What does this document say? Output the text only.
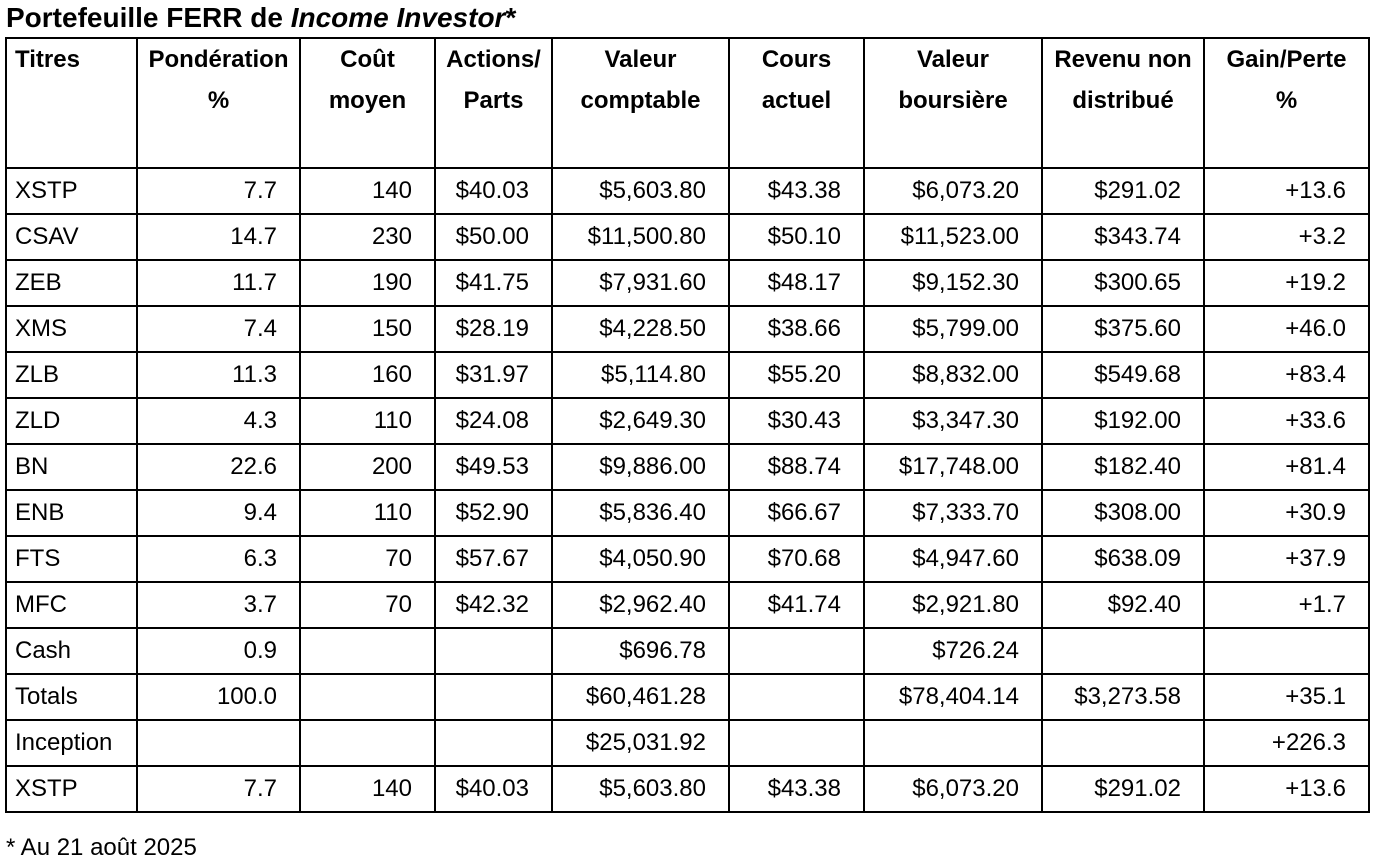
Portefeuille FERR de Income Investor*
Titres	Pondération %	Coût moyen	Actions/ Parts	Valeur comptable	Cours actuel	Valeur boursière	Revenu non distribué	Gain/Perte %
XSTP	7.7	140	$40.03	$5,603.80	$43.38	$6,073.20	$291.02	+13.6
CSAV	14.7	230	$50.00	$11,500.80	$50.10	$11,523.00	$343.74	+3.2
ZEB	11.7	190	$41.75	$7,931.60	$48.17	$9,152.30	$300.65	+19.2
XMS	7.4	150	$28.19	$4,228.50	$38.66	$5,799.00	$375.60	+46.0
ZLB	11.3	160	$31.97	$5,114.80	$55.20	$8,832.00	$549.68	+83.4
ZLD	4.3	110	$24.08	$2,649.30	$30.43	$3,347.30	$192.00	+33.6
BN	22.6	200	$49.53	$9,886.00	$88.74	$17,748.00	$182.40	+81.4
ENB	9.4	110	$52.90	$5,836.40	$66.67	$7,333.70	$308.00	+30.9
FTS	6.3	70	$57.67	$4,050.90	$70.68	$4,947.60	$638.09	+37.9
MFC	3.7	70	$42.32	$2,962.40	$41.74	$2,921.80	$92.40	+1.7
Cash	0.9			$696.78		$726.24		
Totals	100.0			$60,461.28		$78,404.14	$3,273.58	+35.1
Inception				$25,031.92				+226.3
XSTP	7.7	140	$40.03	$5,603.80	$43.38	$6,073.20	$291.02	+13.6
* Au 21 août 2025
